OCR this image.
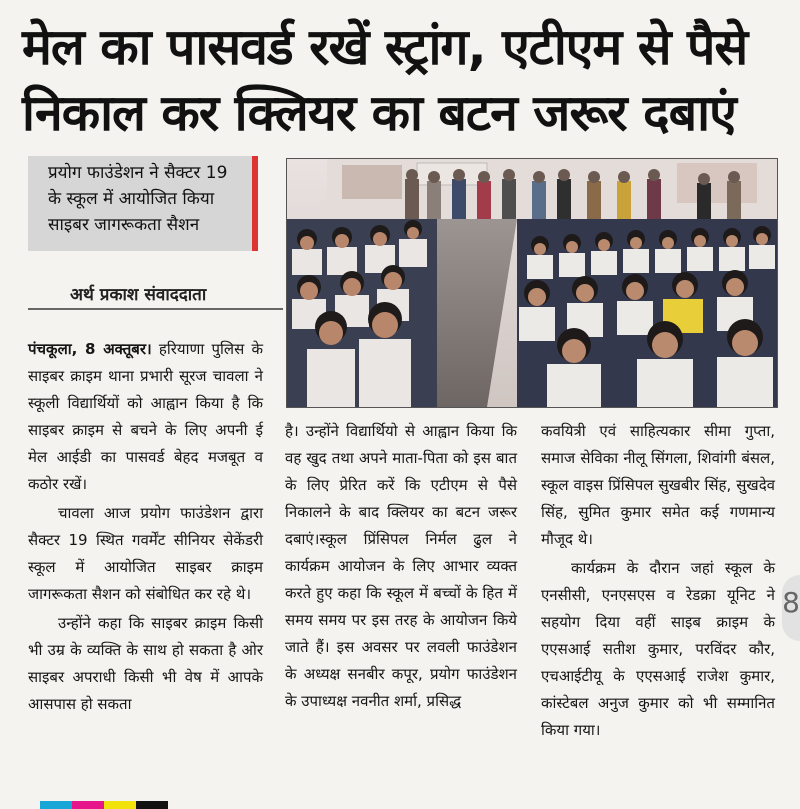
मेल का पासवर्ड रखें स्ट्रांग, एटीएम से पैसे
निकाल कर क्लियर का बटन जरूर दबाएं
प्रयोग फाउंडेशन ने सैक्टर 19
के स्कूल में आयोजित किया
साइबर जागरूकता सैशन
अर्थ प्रकाश संवाददाता

पंचकूला, 8 अक्तूबर। हरियाणा पुलिस के साइबर क्राइम थाना प्रभारी सूरज चावला ने स्कूली विद्यार्थियों को आह्वान किया है कि साइबर क्राइम से बचने के लिए अपनी ई मेल आईडी का पासवर्ड बेहद मजबूत व कठोर रखें।

चावला आज प्रयोग फाउंडेशन द्वारा सैक्टर 19 स्थित गवर्मेंट सीनियर सेकेंडरी स्कूल में आयोजित साइबर क्राइम जागरूकता सैशन को संबोधित कर रहे थे।

उन्होंने कहा कि साइबर क्राइम किसी भी उम्र के व्यक्ति के साथ हो सकता है ओर साइबर अपराधी किसी भी वेष में आपके आसपास हो सकता

है। उन्होंने विद्यार्थियो से आह्वान किया कि वह खुद तथा अपने माता-पिता को इस बात के लिए प्रेरित करें कि एटीएम से पैसे निकालने के बाद क्लियर का बटन जरूर दबाएं।स्कूल प्रिंसिपल निर्मल ढुल ने कार्यक्रम आयोजन के लिए आभार व्यक्त करते हुए कहा कि स्कूल में बच्चों के हित में समय समय पर इस तरह के आयोजन किये जाते हैं। इस अवसर पर लवली फाउंडेशन के अध्यक्ष सनबीर कपूर, प्रयोग फाउंडेशन के उपाध्यक्ष नवनीत शर्मा, प्रसिद्ध

कवयित्री एवं साहित्यकार सीमा गुप्ता, समाज सेविका नीलू सिंगला, शिवांगी बंसल, स्कूल वाइस प्रिंसिपल सुखबीर सिंह, सुखदेव सिंह, सुमित कुमार समेत कई गणमान्य मौजूद थे।

कार्यक्रम के दौरान जहां स्कूल के एनसीसी, एनएसएस व रेडक्रा यूनिट ने सहयोग दिया वहीं साइब क्राइम के एएसआई सतीश कुमार, परविंदर कौर, एचआईटीयू के एएसआई राजेश कुमार, कांस्टेबल अनुज कुमार को भी सम्मानित किया गया।

8
